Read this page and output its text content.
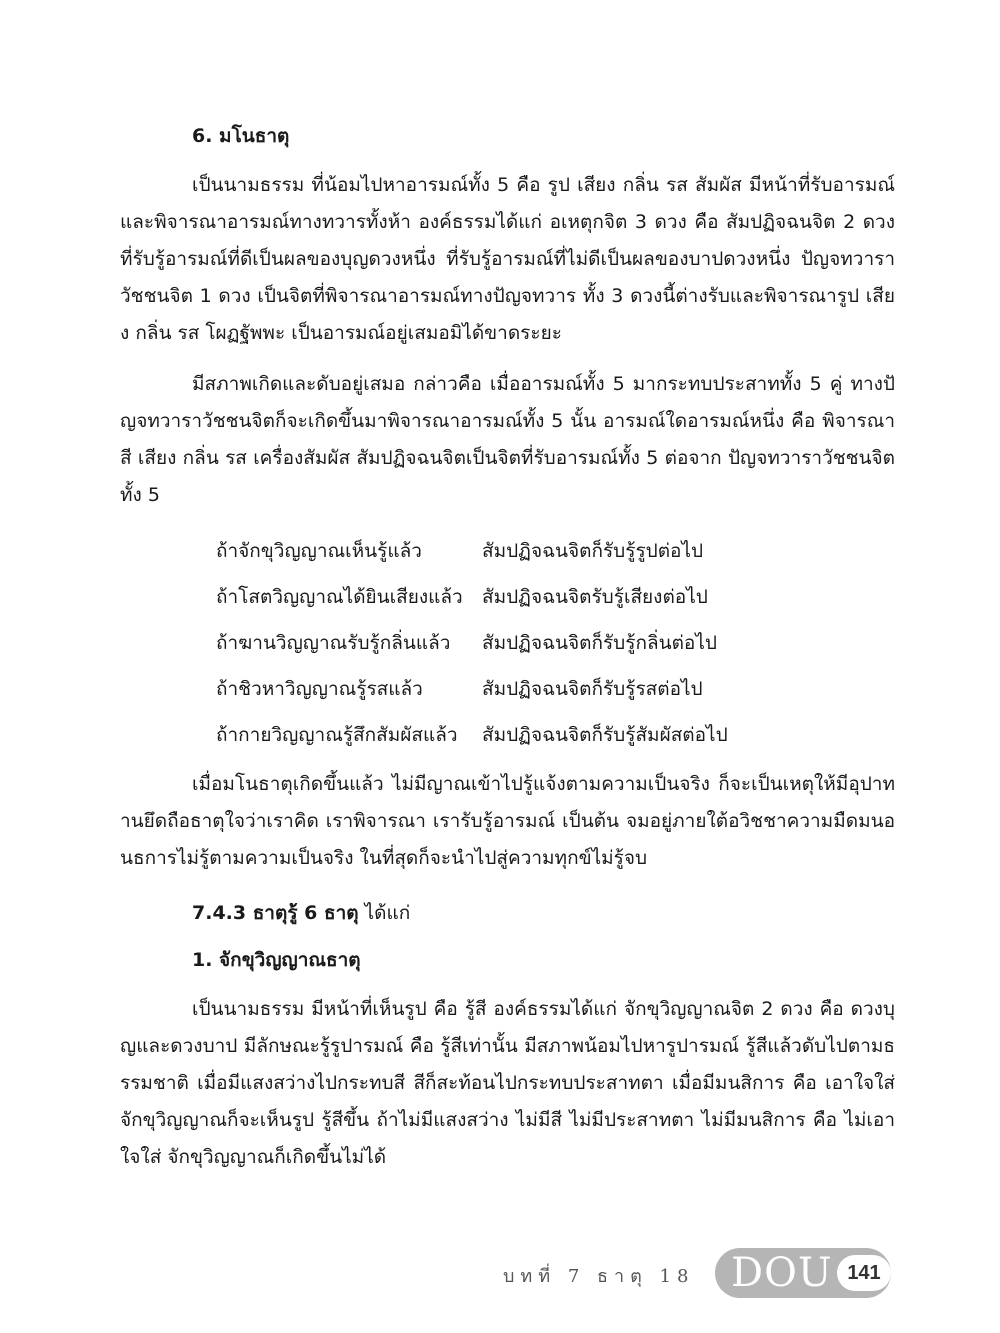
6. มโนธาตุ

เป็นนามธรรม ที่น้อมไปหาอารมณ์ทั้ง 5 คือ รูป เสียง กลิ่น รส สัมผัส มีหน้าที่รับอารมณ์และพิจารณาอารมณ์ทางทวารทั้งห้า องค์ธรรมได้แก่ อเหตุกจิต 3 ดวง คือ สัมปฏิจฉนจิต 2 ดวง ที่รับรู้อารมณ์ที่ดีเป็นผลของบุญดวงหนึ่ง ที่รับรู้อารมณ์ที่ไม่ดีเป็นผลของบาปดวงหนึ่ง ปัญจทวาราวัชชนจิต 1 ดวง เป็นจิตที่พิจารณาอารมณ์ทางปัญจทวาร ทั้ง 3 ดวงนี้ต่างรับและพิจารณารูป เสียง กลิ่น รส โผฏฐัพพะ เป็นอารมณ์อยู่เสมอมิได้ขาดระยะ

มีสภาพเกิดและดับอยู่เสมอ กล่าวคือ เมื่ออารมณ์ทั้ง 5 มากระทบประสาททั้ง 5 คู่ ทางปัญจทวาราวัชชนจิตก็จะเกิดขึ้นมาพิจารณาอารมณ์ทั้ง 5 นั้น อารมณ์ใดอารมณ์หนึ่ง คือ พิจารณาสี เสียง กลิ่น รส เครื่องสัมผัส สัมปฏิจฉนจิตเป็นจิตที่รับอารมณ์ทั้ง 5 ต่อจาก ปัญจทวาราวัชชนจิตทั้ง 5

ถ้าจักขุวิญญาณเห็นรู้แล้ว	สัมปฏิจฉนจิตก็รับรู้รูปต่อไป
ถ้าโสตวิญญาณได้ยินเสียงแล้ว	สัมปฏิจฉนจิตรับรู้เสียงต่อไป
ถ้าฆานวิญญาณรับรู้กลิ่นแล้ว	สัมปฏิจฉนจิตก็รับรู้กลิ่นต่อไป
ถ้าชิวหาวิญญาณรู้รสแล้ว	สัมปฏิจฉนจิตก็รับรู้รสต่อไป
ถ้ากายวิญญาณรู้สึกสัมผัสแล้ว	สัมปฏิจฉนจิตก็รับรู้สัมผัสต่อไป

เมื่อมโนธาตุเกิดขึ้นแล้ว ไม่มีญาณเข้าไปรู้แจ้งตามความเป็นจริง ก็จะเป็นเหตุให้มีอุปาทานยึดถือธาตุใจว่าเราคิด เราพิจารณา เรารับรู้อารมณ์ เป็นต้น จมอยู่ภายใต้อวิชชาความมืดมนอนธการไม่รู้ตามความเป็นจริง ในที่สุดก็จะนำไปสู่ความทุกข์ไม่รู้จบ

7.4.3 ธาตุรู้ 6 ธาตุ ได้แก่
1. จักขุวิญญาณธาตุ

เป็นนามธรรม มีหน้าที่เห็นรูป คือ รู้สี องค์ธรรมได้แก่ จักขุวิญญาณจิต 2 ดวง คือ ดวงบุญและดวงบาป มีลักษณะรู้รูปารมณ์ คือ รู้สีเท่านั้น มีสภาพน้อมไปหารูปารมณ์ รู้สีแล้วดับไปตามธรรมชาติ เมื่อมีแสงสว่างไปกระทบสี สีก็สะท้อนไปกระทบประสาทตา เมื่อมีมนสิการ คือ เอาใจใส่ จักขุวิญญาณก็จะเห็นรูป รู้สีขึ้น ถ้าไม่มีแสงสว่าง ไม่มีสี ไม่มีประสาทตา ไม่มีมนสิการ คือ ไม่เอาใจใส่ จักขุวิญญาณก็เกิดขึ้นไม่ได้

บทที่ 7 ธาตุ 18 DOU 141
